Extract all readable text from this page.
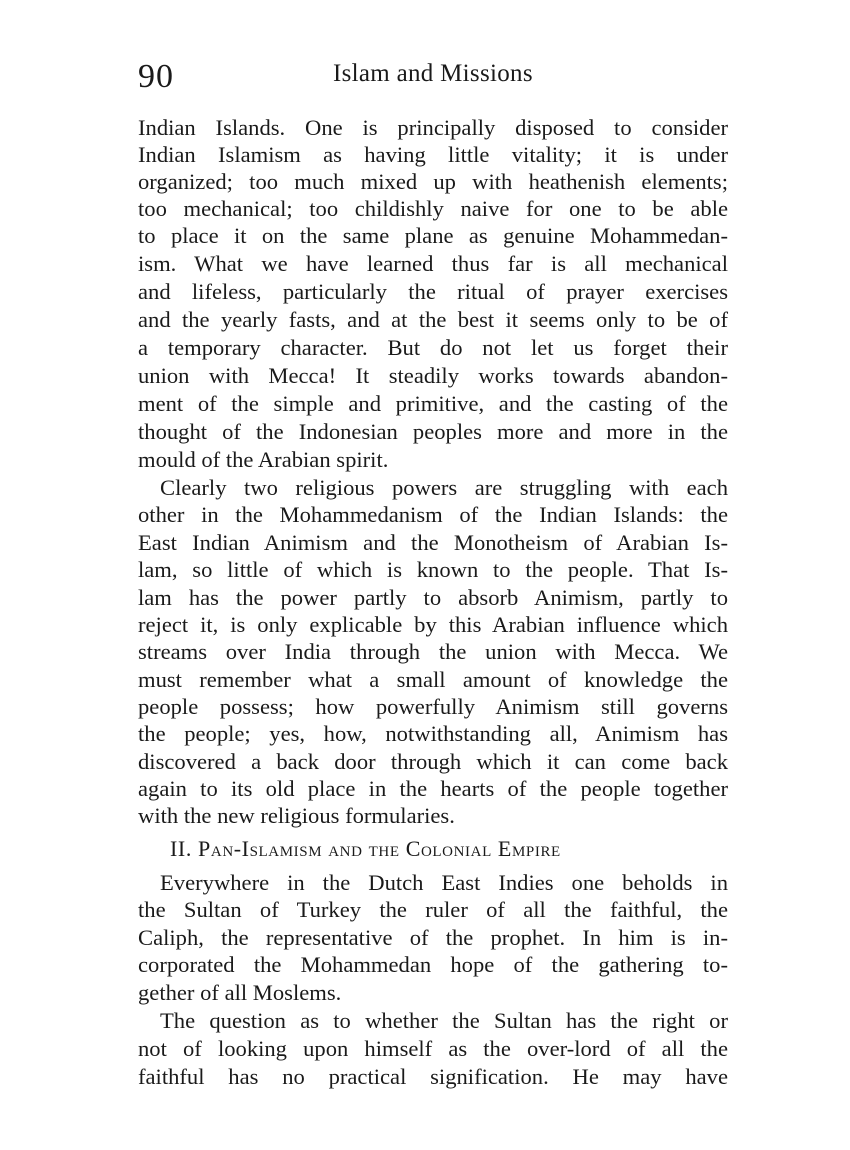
90	Islam and Missions
Indian Islands. One is principally disposed to consider
Indian Islamism as having little vitality; it is under
organized; too much mixed up with heathenish elements;
too mechanical; too childishly naive for one to be able
to place it on the same plane as genuine Mohammedan-
ism. What we have learned thus far is all mechanical
and lifeless, particularly the ritual of prayer exercises
and the yearly fasts, and at the best it seems only to be of
a temporary character. But do not let us forget their
union with Mecca! It steadily works towards abandon-
ment of the simple and primitive, and the casting of the
thought of the Indonesian peoples more and more in the
mould of the Arabian spirit.
Clearly two religious powers are struggling with each
other in the Mohammedanism of the Indian Islands: the
East Indian Animism and the Monotheism of Arabian Is-
lam, so little of which is known to the people. That Is-
lam has the power partly to absorb Animism, partly to
reject it, is only explicable by this Arabian influence which
streams over India through the union with Mecca. We
must remember what a small amount of knowledge the
people possess; how powerfully Animism still governs
the people; yes, how, notwithstanding all, Animism has
discovered a back door through which it can come back
again to its old place in the hearts of the people together
with the new religious formularies.
II. Pan-Islamism and the Colonial Empire
Everywhere in the Dutch East Indies one beholds in
the Sultan of Turkey the ruler of all the faithful, the
Caliph, the representative of the prophet. In him is in-
corporated the Mohammedan hope of the gathering to-
gether of all Moslems.
The question as to whether the Sultan has the right or
not of looking upon himself as the over-lord of all the
faithful has no practical signification. He may have
